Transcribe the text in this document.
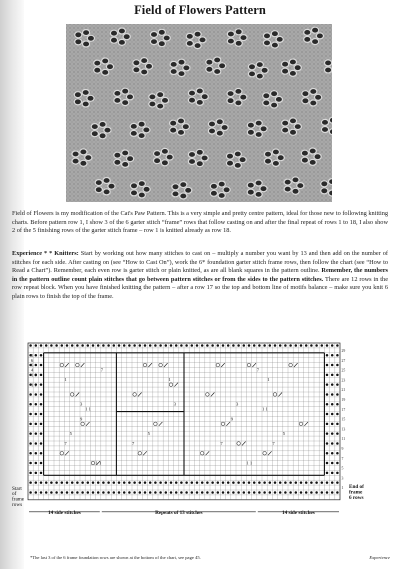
Field of Flowers Pattern

Field of Flowers is my modification of the Cat's Paw Pattern. This is a very simple and pretty centre pattern, ideal for those new to following knitting charts. Before pattern row 1, I show 3 of the 6 garter stitch “frame” rows that follow casting on and after the final repeat of rows 1 to 18, I also show 2 of the 5 finishing rows of the garter stitch frame – row 1 is knitted already as row 18.

Experience * * Knitters: Start by working out how many stitches to cast on – multiply a number you want by 13 and then add on the number of stitches for each side. After casting on (see “How to Cast On”), work the 6* foundation garter stitch frame rows, then follow the chart (see “How to Read a Chart”). Remember, each even row is garter stitch or plain knitted, as are all blank squares in the pattern outline. Remember, the numbers in the pattern outline count plain stitches that go between pattern stitches or from the sides to the pattern stitches. There are 12 rows in the row repeat block. When you have finished knitting the pattern – after a row 17 so the top and bottom line of motifs balance – make sure you knit 6 plain rows to finish the top of the frame.

7	7
1	1	1
3	3
3
1 1	1 1
9	9
5	5	5
7	7	7	7
1 1	1 1
5
6
6
4
1 0
1 1
29
27
25
23
21
19
17
15
13
11
9
7
5
3
1
Start of frame rows
End of frame 6 rows
14 side stitches	Repeats of 13 stitches	14 side stitches
*The last 3 of the 6 frame foundation rows are shown at the bottom of the chart, see page 45.	Experience
